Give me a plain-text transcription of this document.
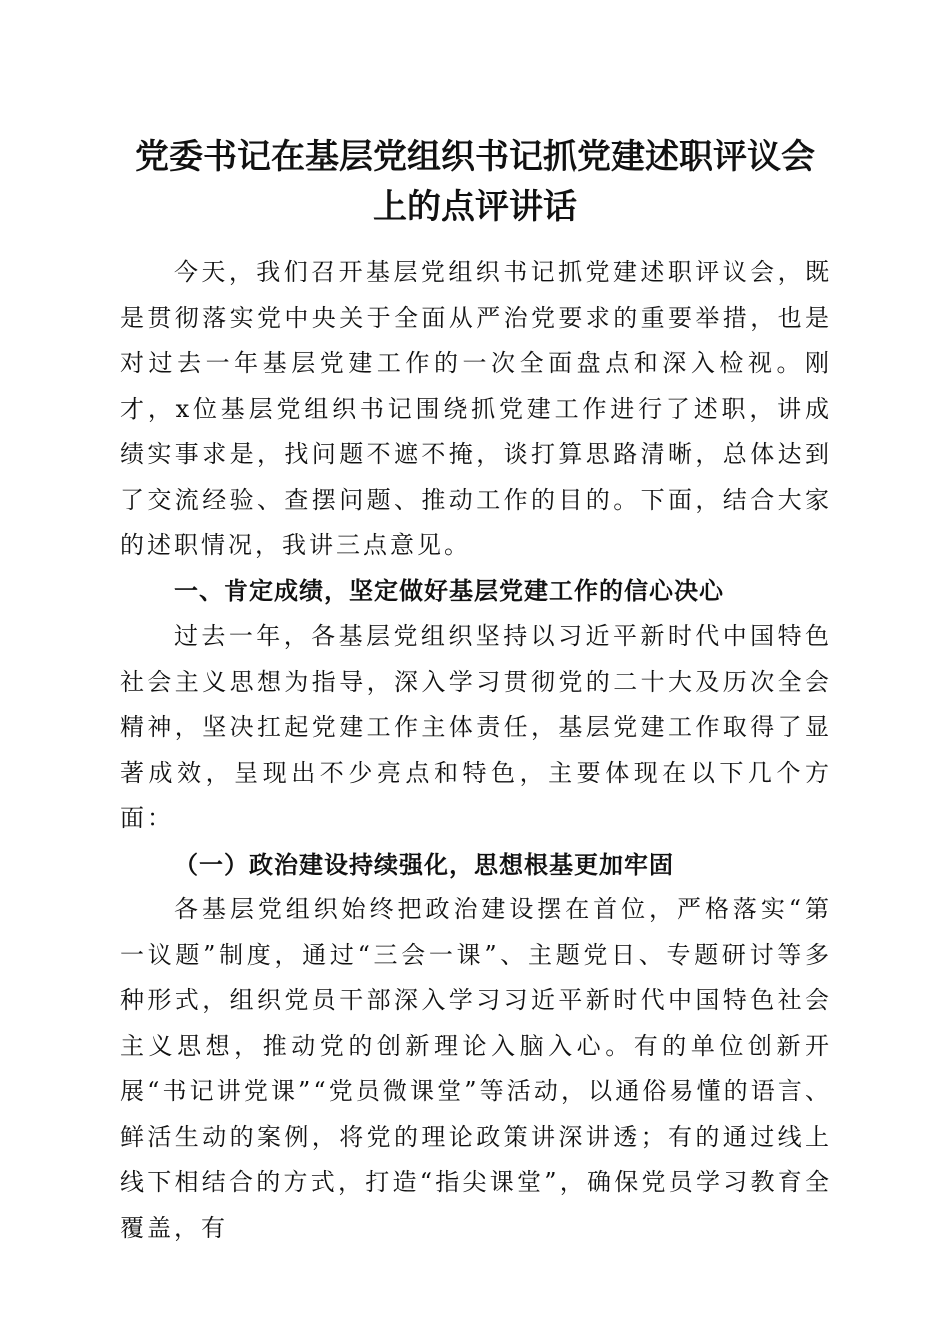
党委书记在基层党组织书记抓党建述职评议会
上的点评讲话

今天，我们召开基层党组织书记抓党建述职评议会，既是贯彻落实党中央关于全面从严治党要求的重要举措，也是对过去一年基层党建工作的一次全面盘点和深入检视。刚才，x位基层党组织书记围绕抓党建工作进行了述职，讲成绩实事求是，找问题不遮不掩，谈打算思路清晰，总体达到了交流经验、查摆问题、推动工作的目的。下面，结合大家的述职情况，我讲三点意见。

一、肯定成绩，坚定做好基层党建工作的信心决心

过去一年，各基层党组织坚持以习近平新时代中国特色社会主义思想为指导，深入学习贯彻党的二十大及历次全会精神，坚决扛起党建工作主体责任，基层党建工作取得了显著成效，呈现出不少亮点和特色，主要体现在以下几个方面：

（一）政治建设持续强化，思想根基更加牢固

各基层党组织始终把政治建设摆在首位，严格落实“第一议题”制度，通过“三会一课”、主题党日、专题研讨等多种形式，组织党员干部深入学习习近平新时代中国特色社会主义思想，推动党的创新理论入脑入心。有的单位创新开展“书记讲党课”“党员微课堂”等活动，以通俗易懂的语言、鲜活生动的案例，将党的理论政策讲深讲透；有的通过线上线下相结合的方式，打造“指尖课堂”，确保党员学习教育全覆盖，有
